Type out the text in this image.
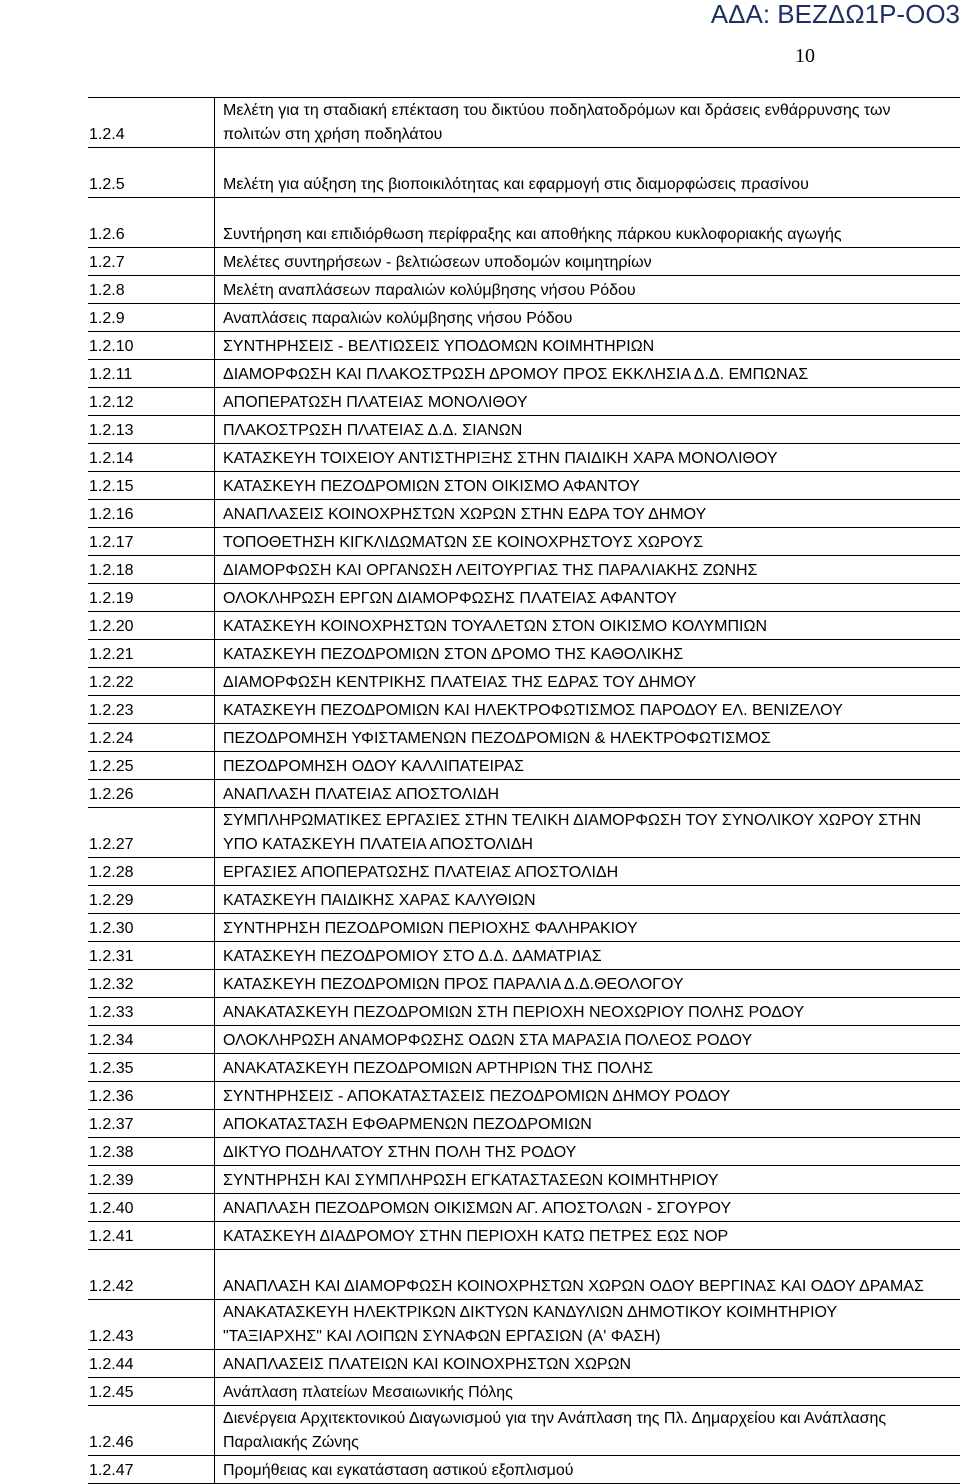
ΑΔΑ: ΒΕΖΔΩ1Ρ-ΟΟ3
10
1.2.4	Μελέτη για τη σταδιακή επέκταση του δικτύου ποδηλατοδρόμων και δράσεις ενθάρρυνσης των πολιτών στη χρήση ποδηλάτου
1.2.5	Μελέτη για αύξηση της βιοποικιλότητας και εφαρμογή στις διαμορφώσεις πρασίνου
1.2.6	Συντήρηση και επιδιόρθωση περίφραξης και αποθήκης πάρκου κυκλοφοριακής αγωγής
1.2.7	Μελέτες συντηρήσεων - βελτιώσεων υποδομών κοιμητηρίων
1.2.8	Μελέτη αναπλάσεων παραλιών κολύμβησης νήσου Ρόδου
1.2.9	Αναπλάσεις παραλιών κολύμβησης νήσου Ρόδου
1.2.10	ΣΥΝΤΗΡΗΣΕΙΣ - ΒΕΛΤΙΩΣΕΙΣ ΥΠΟΔΟΜΩΝ ΚΟΙΜΗΤΗΡΙΩΝ
1.2.11	ΔΙΑΜΟΡΦΩΣΗ ΚΑΙ ΠΛΑΚΟΣΤΡΩΣΗ ΔΡΟΜΟΥ ΠΡΟΣ ΕΚΚΛΗΣΙΑ Δ.Δ. ΕΜΠΩΝΑΣ
1.2.12	ΑΠΟΠΕΡΑΤΩΣΗ ΠΛΑΤΕΙΑΣ ΜΟΝΟΛΙΘΟΥ
1.2.13	ΠΛΑΚΟΣΤΡΩΣΗ ΠΛΑΤΕΙΑΣ Δ.Δ. ΣΙΑΝΩΝ
1.2.14	ΚΑΤΑΣΚΕΥΗ ΤΟΙΧΕΙΟΥ ΑΝΤΙΣΤΗΡΙΞΗΣ ΣΤΗΝ ΠΑΙΔΙΚΗ ΧΑΡΑ ΜΟΝΟΛΙΘΟΥ
1.2.15	ΚΑΤΑΣΚΕΥΗ ΠΕΖΟΔΡΟΜΙΩΝ ΣΤΟΝ ΟΙΚΙΣΜΟ ΑΦΑΝΤΟΥ
1.2.16	ΑΝΑΠΛΑΣΕΙΣ ΚΟΙΝΟΧΡΗΣΤΩΝ ΧΩΡΩΝ ΣΤΗΝ ΕΔΡΑ ΤΟΥ ΔΗΜΟΥ
1.2.17	ΤΟΠΟΘΕΤΗΣΗ ΚΙΓΚΛΙΔΩΜΑΤΩΝ ΣΕ ΚΟΙΝΟΧΡΗΣΤΟΥΣ ΧΩΡΟΥΣ
1.2.18	ΔΙΑΜΟΡΦΩΣΗ ΚΑΙ ΟΡΓΑΝΩΣΗ ΛΕΙΤΟΥΡΓΙΑΣ ΤΗΣ ΠΑΡΑΛΙΑΚΗΣ ΖΩΝΗΣ
1.2.19	ΟΛΟΚΛΗΡΩΣΗ ΕΡΓΩΝ ΔΙΑΜΟΡΦΩΣΗΣ ΠΛΑΤΕΙΑΣ ΑΦΑΝΤΟΥ
1.2.20	ΚΑΤΑΣΚΕΥΗ ΚΟΙΝΟΧΡΗΣΤΩΝ ΤΟΥΑΛΕΤΩΝ ΣΤΟΝ ΟΙΚΙΣΜΟ ΚΟΛΥΜΠΙΩΝ
1.2.21	ΚΑΤΑΣΚΕΥΗ ΠΕΖΟΔΡΟΜΙΩΝ ΣΤΟΝ ΔΡΟΜΟ ΤΗΣ ΚΑΘΟΛΙΚΗΣ
1.2.22	ΔΙΑΜΟΡΦΩΣΗ ΚΕΝΤΡΙΚΗΣ ΠΛΑΤΕΙΑΣ ΤΗΣ ΕΔΡΑΣ ΤΟΥ ΔΗΜΟΥ
1.2.23	ΚΑΤΑΣΚΕΥΗ ΠΕΖΟΔΡΟΜΙΩΝ ΚΑΙ ΗΛΕΚΤΡΟΦΩΤΙΣΜΟΣ ΠΑΡΟΔΟΥ ΕΛ. ΒΕΝΙΖΕΛΟΥ
1.2.24	ΠΕΖΟΔΡΟΜΗΣΗ ΥΦΙΣΤΑΜΕΝΩΝ ΠΕΖΟΔΡΟΜΙΩΝ & ΗΛΕΚΤΡΟΦΩΤΙΣΜΟΣ
1.2.25	ΠΕΖΟΔΡΟΜΗΣΗ ΟΔΟΥ ΚΑΛΛΙΠΑΤΕΙΡΑΣ
1.2.26	ΑΝΑΠΛΑΣΗ ΠΛΑΤΕΙΑΣ ΑΠΟΣΤΟΛΙΔΗ
1.2.27	ΣΥΜΠΛΗΡΩΜΑΤΙΚΕΣ ΕΡΓΑΣΙΕΣ ΣΤΗΝ ΤΕΛΙΚΗ ΔΙΑΜΟΡΦΩΣΗ ΤΟΥ ΣΥΝΟΛΙΚΟΥ ΧΩΡΟΥ ΣΤΗΝ ΥΠΟ ΚΑΤΑΣΚΕΥΗ ΠΛΑΤΕΙΑ ΑΠΟΣΤΟΛΙΔΗ
1.2.28	ΕΡΓΑΣΙΕΣ ΑΠΟΠΕΡΑΤΩΣΗΣ ΠΛΑΤΕΙΑΣ ΑΠΟΣΤΟΛΙΔΗ
1.2.29	ΚΑΤΑΣΚΕΥΗ ΠΑΙΔΙΚΗΣ ΧΑΡΑΣ ΚΑΛΥΘΙΩΝ
1.2.30	ΣΥΝΤΗΡΗΣΗ ΠΕΖΟΔΡΟΜΙΩΝ ΠΕΡΙΟΧΗΣ ΦΑΛΗΡΑΚΙΟΥ
1.2.31	ΚΑΤΑΣΚΕΥΗ ΠΕΖΟΔΡΟΜΙΟΥ ΣΤΟ Δ.Δ. ΔΑΜΑΤΡΙΑΣ
1.2.32	ΚΑΤΑΣΚΕΥΗ ΠΕΖΟΔΡΟΜΙΩΝ ΠΡΟΣ ΠΑΡΑΛΙΑ Δ.Δ.ΘΕΟΛΟΓΟΥ
1.2.33	ΑΝΑΚΑΤΑΣΚΕΥΗ ΠΕΖΟΔΡΟΜΙΩΝ ΣΤΗ ΠΕΡΙΟΧΗ ΝΕΟΧΩΡΙΟΥ ΠΟΛΗΣ ΡΟΔΟΥ
1.2.34	ΟΛΟΚΛΗΡΩΣΗ ΑΝΑΜΟΡΦΩΣΗΣ ΟΔΩΝ ΣΤΑ ΜΑΡΑΣΙΑ ΠΟΛΕΟΣ ΡΟΔΟΥ
1.2.35	ΑΝΑΚΑΤΑΣΚΕΥΗ ΠΕΖΟΔΡΟΜΙΩΝ ΑΡΤΗΡΙΩΝ ΤΗΣ ΠΟΛΗΣ
1.2.36	ΣΥΝΤΗΡΗΣΕΙΣ - ΑΠΟΚΑΤΑΣΤΑΣΕΙΣ ΠΕΖΟΔΡΟΜΙΩΝ ΔΗΜΟΥ ΡΟΔΟΥ
1.2.37	ΑΠΟΚΑΤΑΣΤΑΣΗ ΕΦΘΑΡΜΕΝΩΝ ΠΕΖΟΔΡΟΜΙΩΝ
1.2.38	ΔΙΚΤΥΟ ΠΟΔΗΛΑΤΟΥ ΣΤΗΝ ΠΟΛΗ ΤΗΣ ΡΟΔΟΥ
1.2.39	ΣΥΝΤΗΡΗΣΗ ΚΑΙ ΣΥΜΠΛΗΡΩΣΗ ΕΓΚΑΤΑΣΤΑΣΕΩΝ ΚΟΙΜΗΤΗΡΙΟΥ
1.2.40	ΑΝΑΠΛΑΣΗ ΠΕΖΟΔΡΟΜΩΝ ΟΙΚΙΣΜΩΝ ΑΓ. ΑΠΟΣΤΟΛΩΝ - ΣΓΟΥΡΟΥ
1.2.41	ΚΑΤΑΣΚΕΥΗ ΔΙΑΔΡΟΜΟΥ ΣΤΗΝ ΠΕΡΙΟΧΗ ΚΑΤΩ ΠΕΤΡΕΣ ΕΩΣ ΝΟΡ
1.2.42	ΑΝΑΠΛΑΣΗ ΚΑΙ ΔΙΑΜΟΡΦΩΣΗ ΚΟΙΝΟΧΡΗΣΤΩΝ ΧΩΡΩΝ ΟΔΟΥ ΒΕΡΓΙΝΑΣ ΚΑΙ ΟΔΟΥ ΔΡΑΜΑΣ
1.2.43	ΑΝΑΚΑΤΑΣΚΕΥΗ ΗΛΕΚΤΡΙΚΩΝ ΔΙΚΤΥΩΝ ΚΑΝΔΥΛΙΩΝ ΔΗΜΟΤΙΚΟΥ ΚΟΙΜΗΤΗΡΙΟΥ "ΤΑΞΙΑΡΧΗΣ" ΚΑΙ ΛΟΙΠΩΝ ΣΥΝΑΦΩΝ ΕΡΓΑΣΙΩΝ (Α' ΦΑΣΗ)
1.2.44	ΑΝΑΠΛΑΣΕΙΣ ΠΛΑΤΕΙΩΝ ΚΑΙ ΚΟΙΝΟΧΡΗΣΤΩΝ ΧΩΡΩΝ
1.2.45	Ανάπλαση πλατείων Μεσαιωνικής Πόλης
1.2.46	Διενέργεια Αρχιτεκτονικού Διαγωνισμού για την Ανάπλαση της Πλ. Δημαρχείου και Ανάπλασης Παραλιακής Ζώνης
1.2.47	Προμήθειας και εγκατάσταση αστικού εξοπλισμού
